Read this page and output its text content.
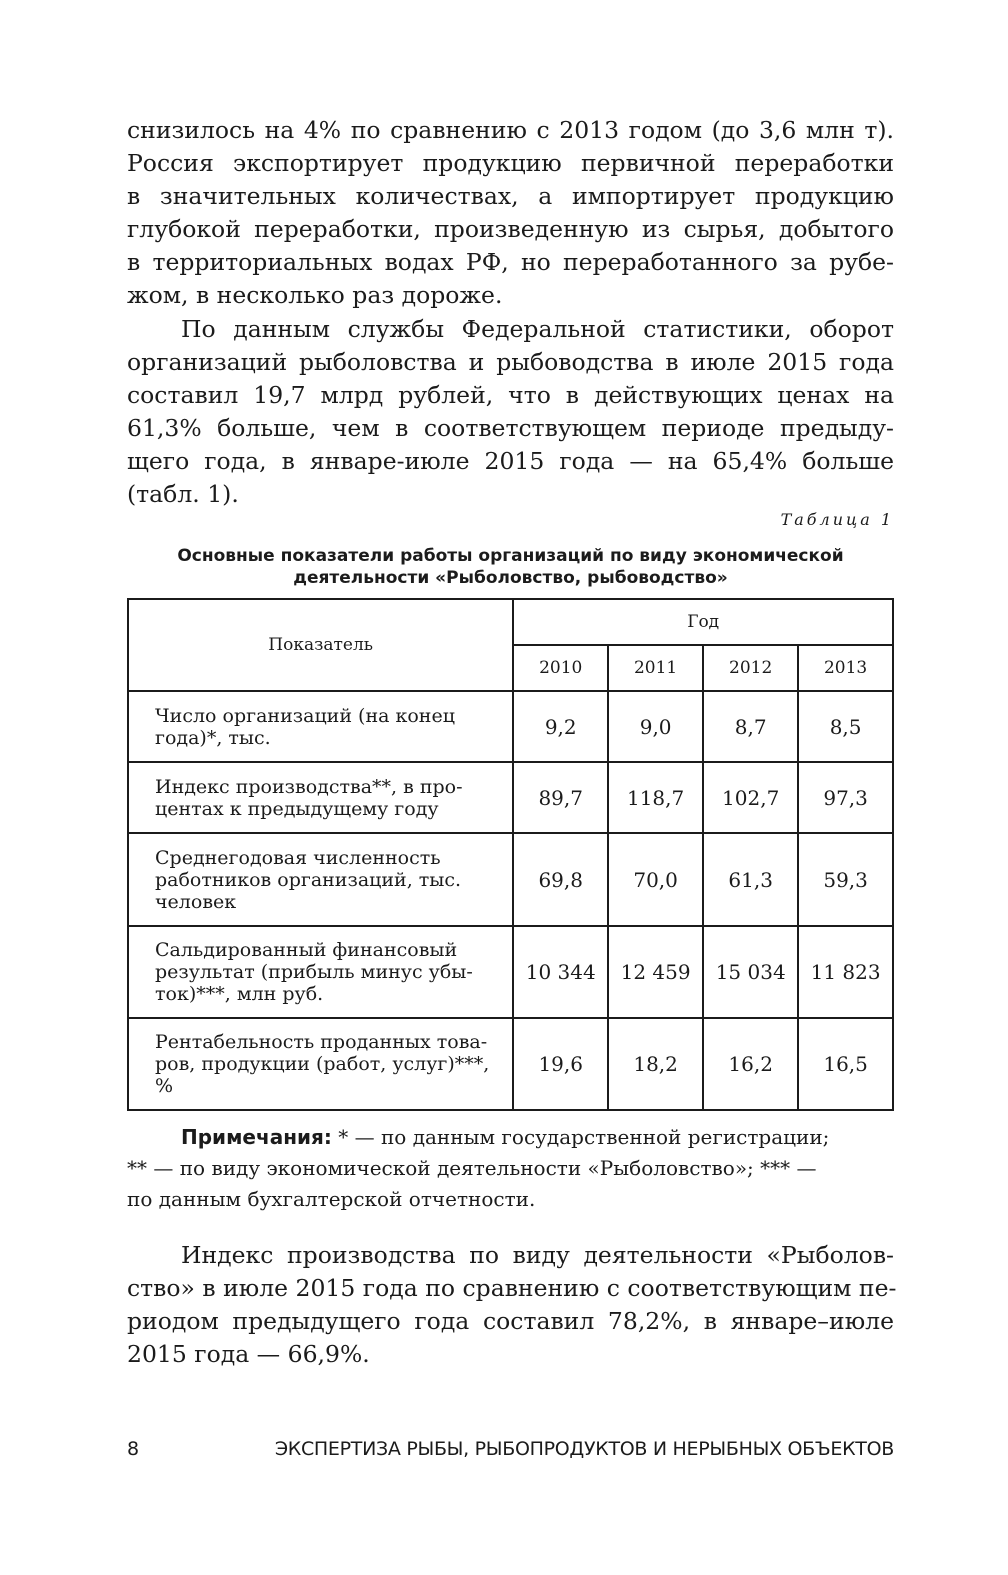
снизилось на 4% по сравнению с 2013 годом (до 3,6 млн т).
Россия экспортирует продукцию первичной переработки
в значительных количествах, а импортирует продукцию
глубокой переработки, произведенную из сырья, добытого
в территориальных водах РФ, но переработанного за рубе-
жом, в несколько раз дороже.
По данным службы Федеральной статистики, оборот
организаций рыболовства и рыбоводства в июле 2015 года
составил 19,7 млрд рублей, что в действующих ценах на
61,3% больше, чем в соответствующем периоде предыду-
щего года, в январе-июле 2015 года — на 65,4% больше
(табл. 1).

Таблица 1

Основные показатели работы организаций по виду экономической
деятельности «Рыболовство, рыбоводство»
Показатель	Год			
	2010	2011	2012	2013

Число организаций (на конец
года)*, тыс.	9,2	9,0	8,7	8,5

Индекс производства**, в про-
центах к предыдущему году	89,7	118,7	102,7	97,3

Среднегодовая численность
работников организаций, тыс.
человек	69,8	70,0	61,3	59,3

Сальдированный финансовый
результат (прибыль минус убы-
ток)***, млн руб.	10 344	12 459	15 034	11 823

Рентабельность проданных това-
ров, продукции (работ, услуг)***,
%	19,6	18,2	16,2	16,5
Примечания: * — по данным государственной регистрации;
** — по виду экономической деятельности «Рыболовство»; *** —
по данным бухгалтерской отчетности.
Индекс производства по виду деятельности «Рыболов-
ство» в июле 2015 года по сравнению с соответствующим пе-
риодом предыдущего года составил 78,2%, в январе–июле
2015 года — 66,9%.
8	ЭКСПЕРТИЗА РЫБЫ, РЫБОПРОДУКТОВ И НЕРЫБНЫХ ОБЪЕКТОВ
